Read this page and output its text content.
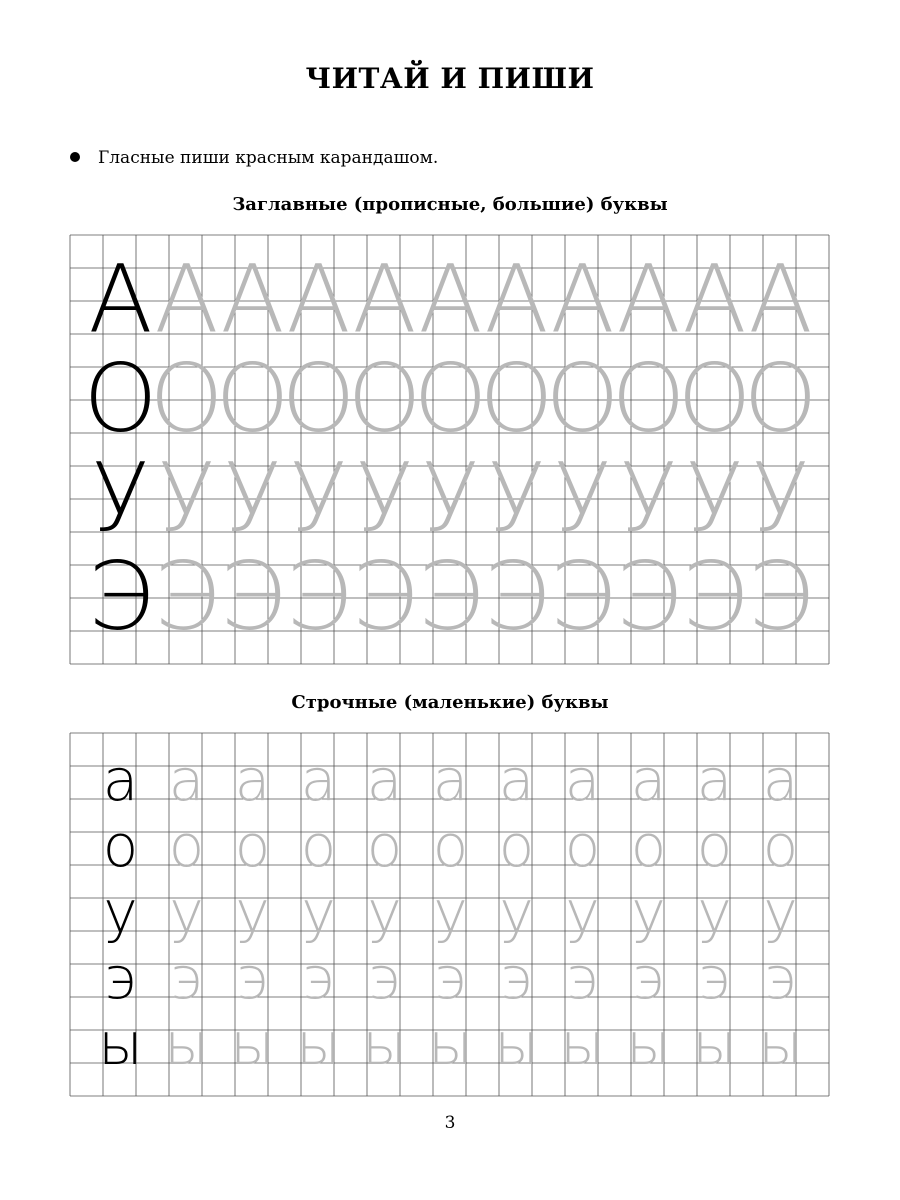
ЧИТАЙ И ПИШИ
Гласные пиши красным карандашом.
Заглавные (прописные, большие) буквы
Строчные (маленькие) буквы
А А А А А А А А А А А
О
О
О
О
О
О
О
О
О
О
О
У У У У У У У У У У У
Э Э Э Э Э Э Э Э Э Э Э
а а а а а а а а а а а
о о о о о о о о о о о
у у у у у у у у у у у
э э э э э э э э э э э
ы ы ы ы ы ы ы ы ы ы ы
3
